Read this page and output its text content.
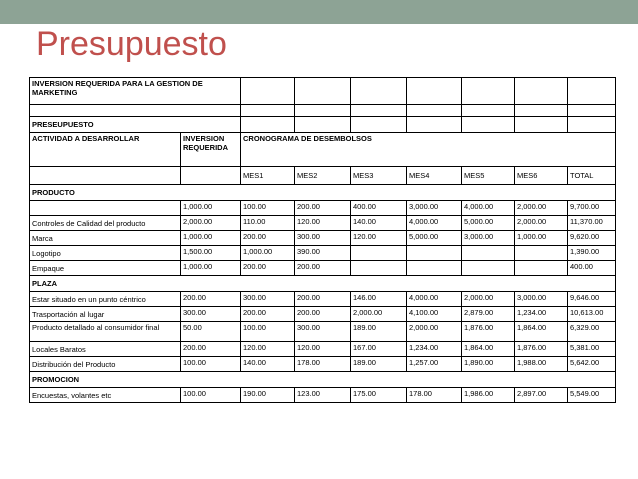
Presupuesto
INVERSION REQUERIDA PARA LA GESTION DE MARKETING								

PRESEUPUESTO								
ACTIVIDAD A DESARROLLAR	INVERSION REQUERIDA	CRONOGRAMA DE DESEMBOLSOS						
		MES1	MES2	MES3	MES4	MES5	MES6	TOTAL
PRODUCTO								
	1,000.00	100.00	200.00	400.00	3,000.00	4,000.00	2,000.00	9,700.00
Controles de Calidad del producto	2,000.00	110.00	120.00	140.00	4,000.00	5,000.00	2,000.00	11,370.00
Marca	1,000.00	200.00	300.00	120.00	5,000.00	3,000.00	1,000.00	9,620.00
Logotipo	1,500.00	1,000.00	390.00					1,390.00
Empaque	1,000.00	200.00	200.00					400.00
PLAZA								
Estar situado en un punto céntrico	200.00	300.00	200.00	146.00	4,000.00	2,000.00	3,000.00	9,646.00
Trasportación al lugar	300.00	200.00	200.00	2,000.00	4,100.00	2,879.00	1,234.00	10,613.00
Producto detallado al consumidor final	50.00	100.00	300.00	189.00	2,000.00	1,876.00	1,864.00	6,329.00
Locales Baratos	200.00	120.00	120.00	167.00	1,234.00	1,864.00	1,876.00	5,381.00
Distribución del Producto	100.00	140.00	178.00	189.00	1,257.00	1,890.00	1,988.00	5,642.00
PROMOCION								
Encuestas, volantes etc	100.00	190.00	123.00	175.00	178.00	1,986.00	2,897.00	5,549.00
